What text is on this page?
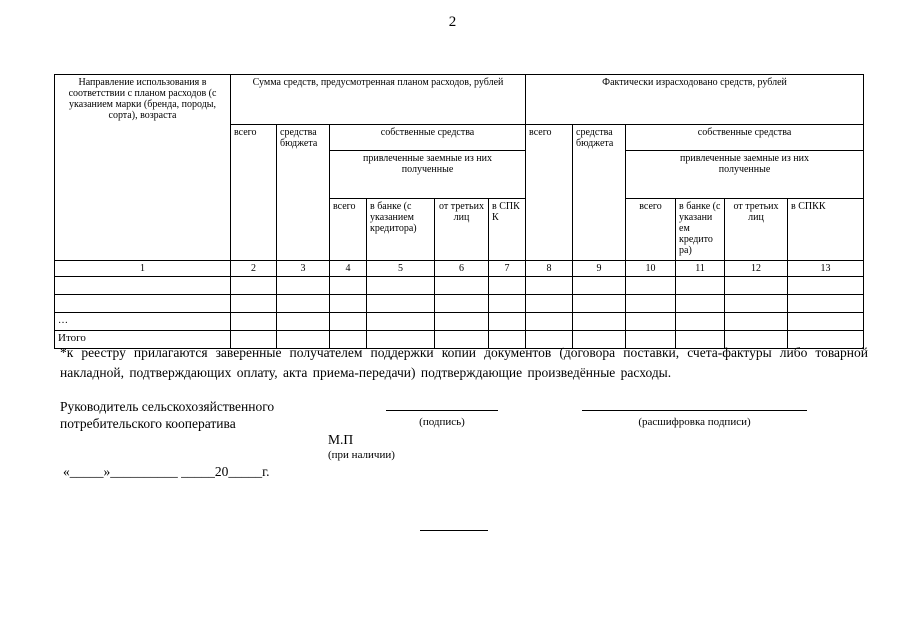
2
Направление использования в соответствии с планом расходов (с указанием марки (бренда, породы, сорта), возраста	Сумма средств, предусмотренная планом расходов, рублей						Фактически израсходовано средств, рублей					
	всего	средства бюджета	собственные средства				всего	средства бюджета	собственные средства			
			привлеченные заемные из них полученные						привлеченные заемные из них полученные			
			всего	в банке (с указанием кредитора)	от третьих лиц	в СПК К			всего	в банке (с указани ем кредито ра)	от третьих лиц	в СПКК
1	2	3	4	5	6	7	8	9	10	11	12	13

…												
Итого												
*к реестру прилагаются заверенные получателем поддержки копии документов (договора поставки, счета-фактуры либо товарной накладной, подтверждающих оплату, акта приема-передачи) подтверждающие произведённые расходы.
Руководитель сельскохозяйственного
потребительского кооператива	(подпись)	(расшифровка подписи)
М.П
(при наличии)
«_____»__________ _____20_____г.
